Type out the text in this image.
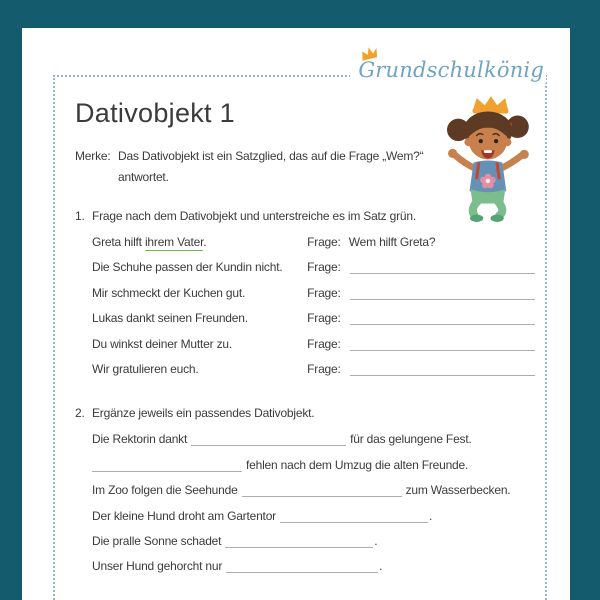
Grundschulkönig
Dativobjekt 1
Merke: Das Dativobjekt ist ein Satzglied, das auf die Frage „Wem?“
antwortet.
1. Frage nach dem Dativobjekt und unterstreiche es im Satz grün.
Greta hilft ihrem Vater.	Frage: Wem hilft Greta?
Die Schuhe passen der Kundin nicht. Frage:
Mir schmeckt der Kuchen gut.	Frage:
Lukas dankt seinen Freunden.	Frage:
Du winkst deiner Mutter zu.	Frage:
Wir gratulieren euch.	Frage:
2. Ergänze jeweils ein passendes Dativobjekt.
Die Rektorin dankt	für das gelungene Fest.
fehlen nach dem Umzug die alten Freunde.
Im Zoo folgen die Seehunde	zum Wasserbecken.
Der kleine Hund droht am Gartentor	.
Die pralle Sonne schadet	.
Unser Hund gehorcht nur	.
